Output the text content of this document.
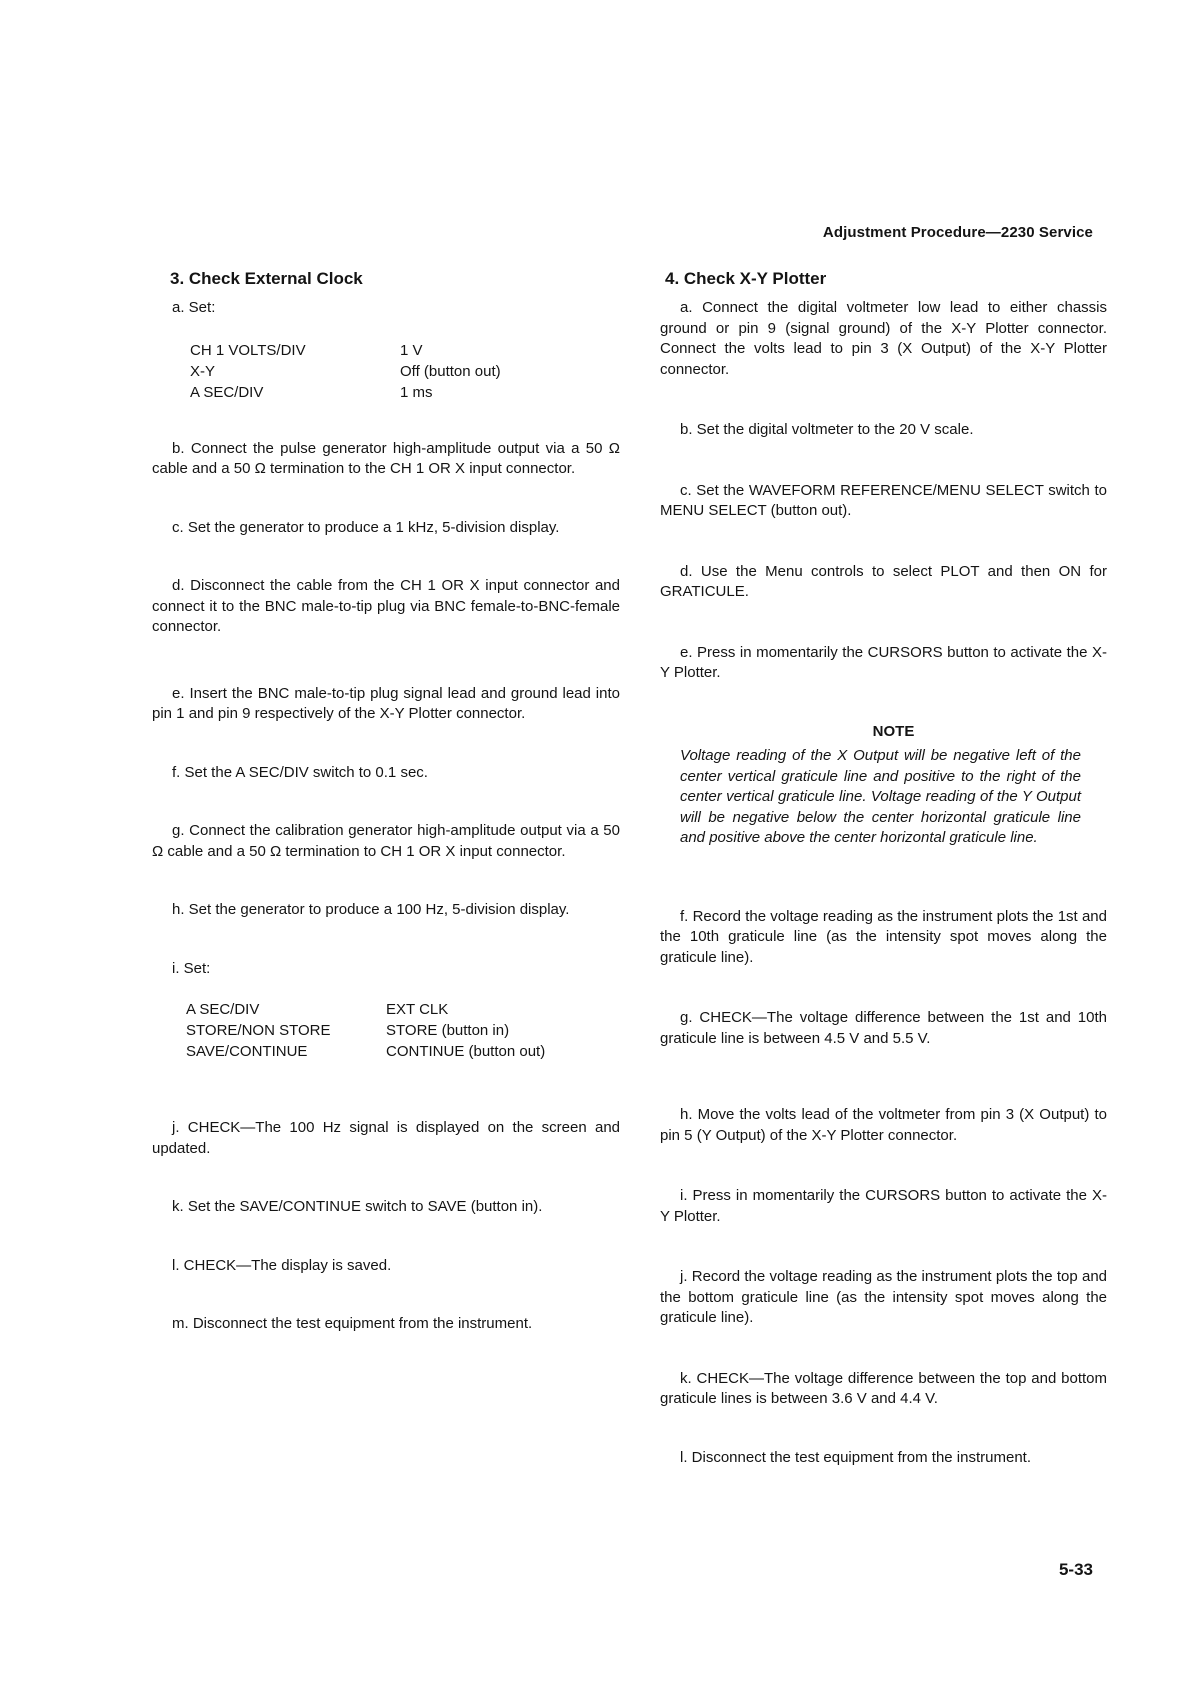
Adjustment Procedure—2230 Service
3. Check External Clock

a. Set:

CH 1 VOLTS/DIV	1 V
X-Y	Off (button out)
A SEC/DIV	1 ms

b. Connect the pulse generator high-amplitude output via a 50 Ω cable and a 50 Ω termination to the CH 1 OR X input connector.

c. Set the generator to produce a 1 kHz, 5-division display.

d. Disconnect the cable from the CH 1 OR X input connector and connect it to the BNC male-to-tip plug via BNC female-to-BNC-female connector.

e. Insert the BNC male-to-tip plug signal lead and ground lead into pin 1 and pin 9 respectively of the X-Y Plotter connector.

f. Set the A SEC/DIV switch to 0.1 sec.

g. Connect the calibration generator high-amplitude output via a 50 Ω cable and a 50 Ω termination to CH 1 OR X input connector.

h. Set the generator to produce a 100 Hz, 5-division display.

i. Set:

A SEC/DIV	EXT CLK
STORE/NON STORE	STORE (button in)
SAVE/CONTINUE	CONTINUE (button out)

j. CHECK—The 100 Hz signal is displayed on the screen and updated.

k. Set the SAVE/CONTINUE switch to SAVE (button in).

l. CHECK—The display is saved.

m. Disconnect the test equipment from the instrument.

4. Check X-Y Plotter

a. Connect the digital voltmeter low lead to either chassis ground or pin 9 (signal ground) of the X-Y Plotter connector. Connect the volts lead to pin 3 (X Output) of the X-Y Plotter connector.

b. Set the digital voltmeter to the 20 V scale.

c. Set the WAVEFORM REFERENCE/MENU SELECT switch to MENU SELECT (button out).

d. Use the Menu controls to select PLOT and then ON for GRATICULE.

e. Press in momentarily the CURSORS button to activate the X-Y Plotter.

NOTE

Voltage reading of the X Output will be negative left of the center vertical graticule line and positive to the right of the center vertical graticule line. Voltage reading of the Y Output will be negative below the center horizontal graticule line and positive above the center horizontal graticule line.

f. Record the voltage reading as the instrument plots the 1st and the 10th graticule line (as the intensity spot moves along the graticule line).

g. CHECK—The voltage difference between the 1st and 10th graticule line is between 4.5 V and 5.5 V.

h. Move the volts lead of the voltmeter from pin 3 (X Output) to pin 5 (Y Output) of the X-Y Plotter connector.

i. Press in momentarily the CURSORS button to activate the X-Y Plotter.

j. Record the voltage reading as the instrument plots the top and the bottom graticule line (as the intensity spot moves along the graticule line).

k. CHECK—The voltage difference between the top and bottom graticule lines is between 3.6 V and 4.4 V.

l. Disconnect the test equipment from the instrument.

5-33
